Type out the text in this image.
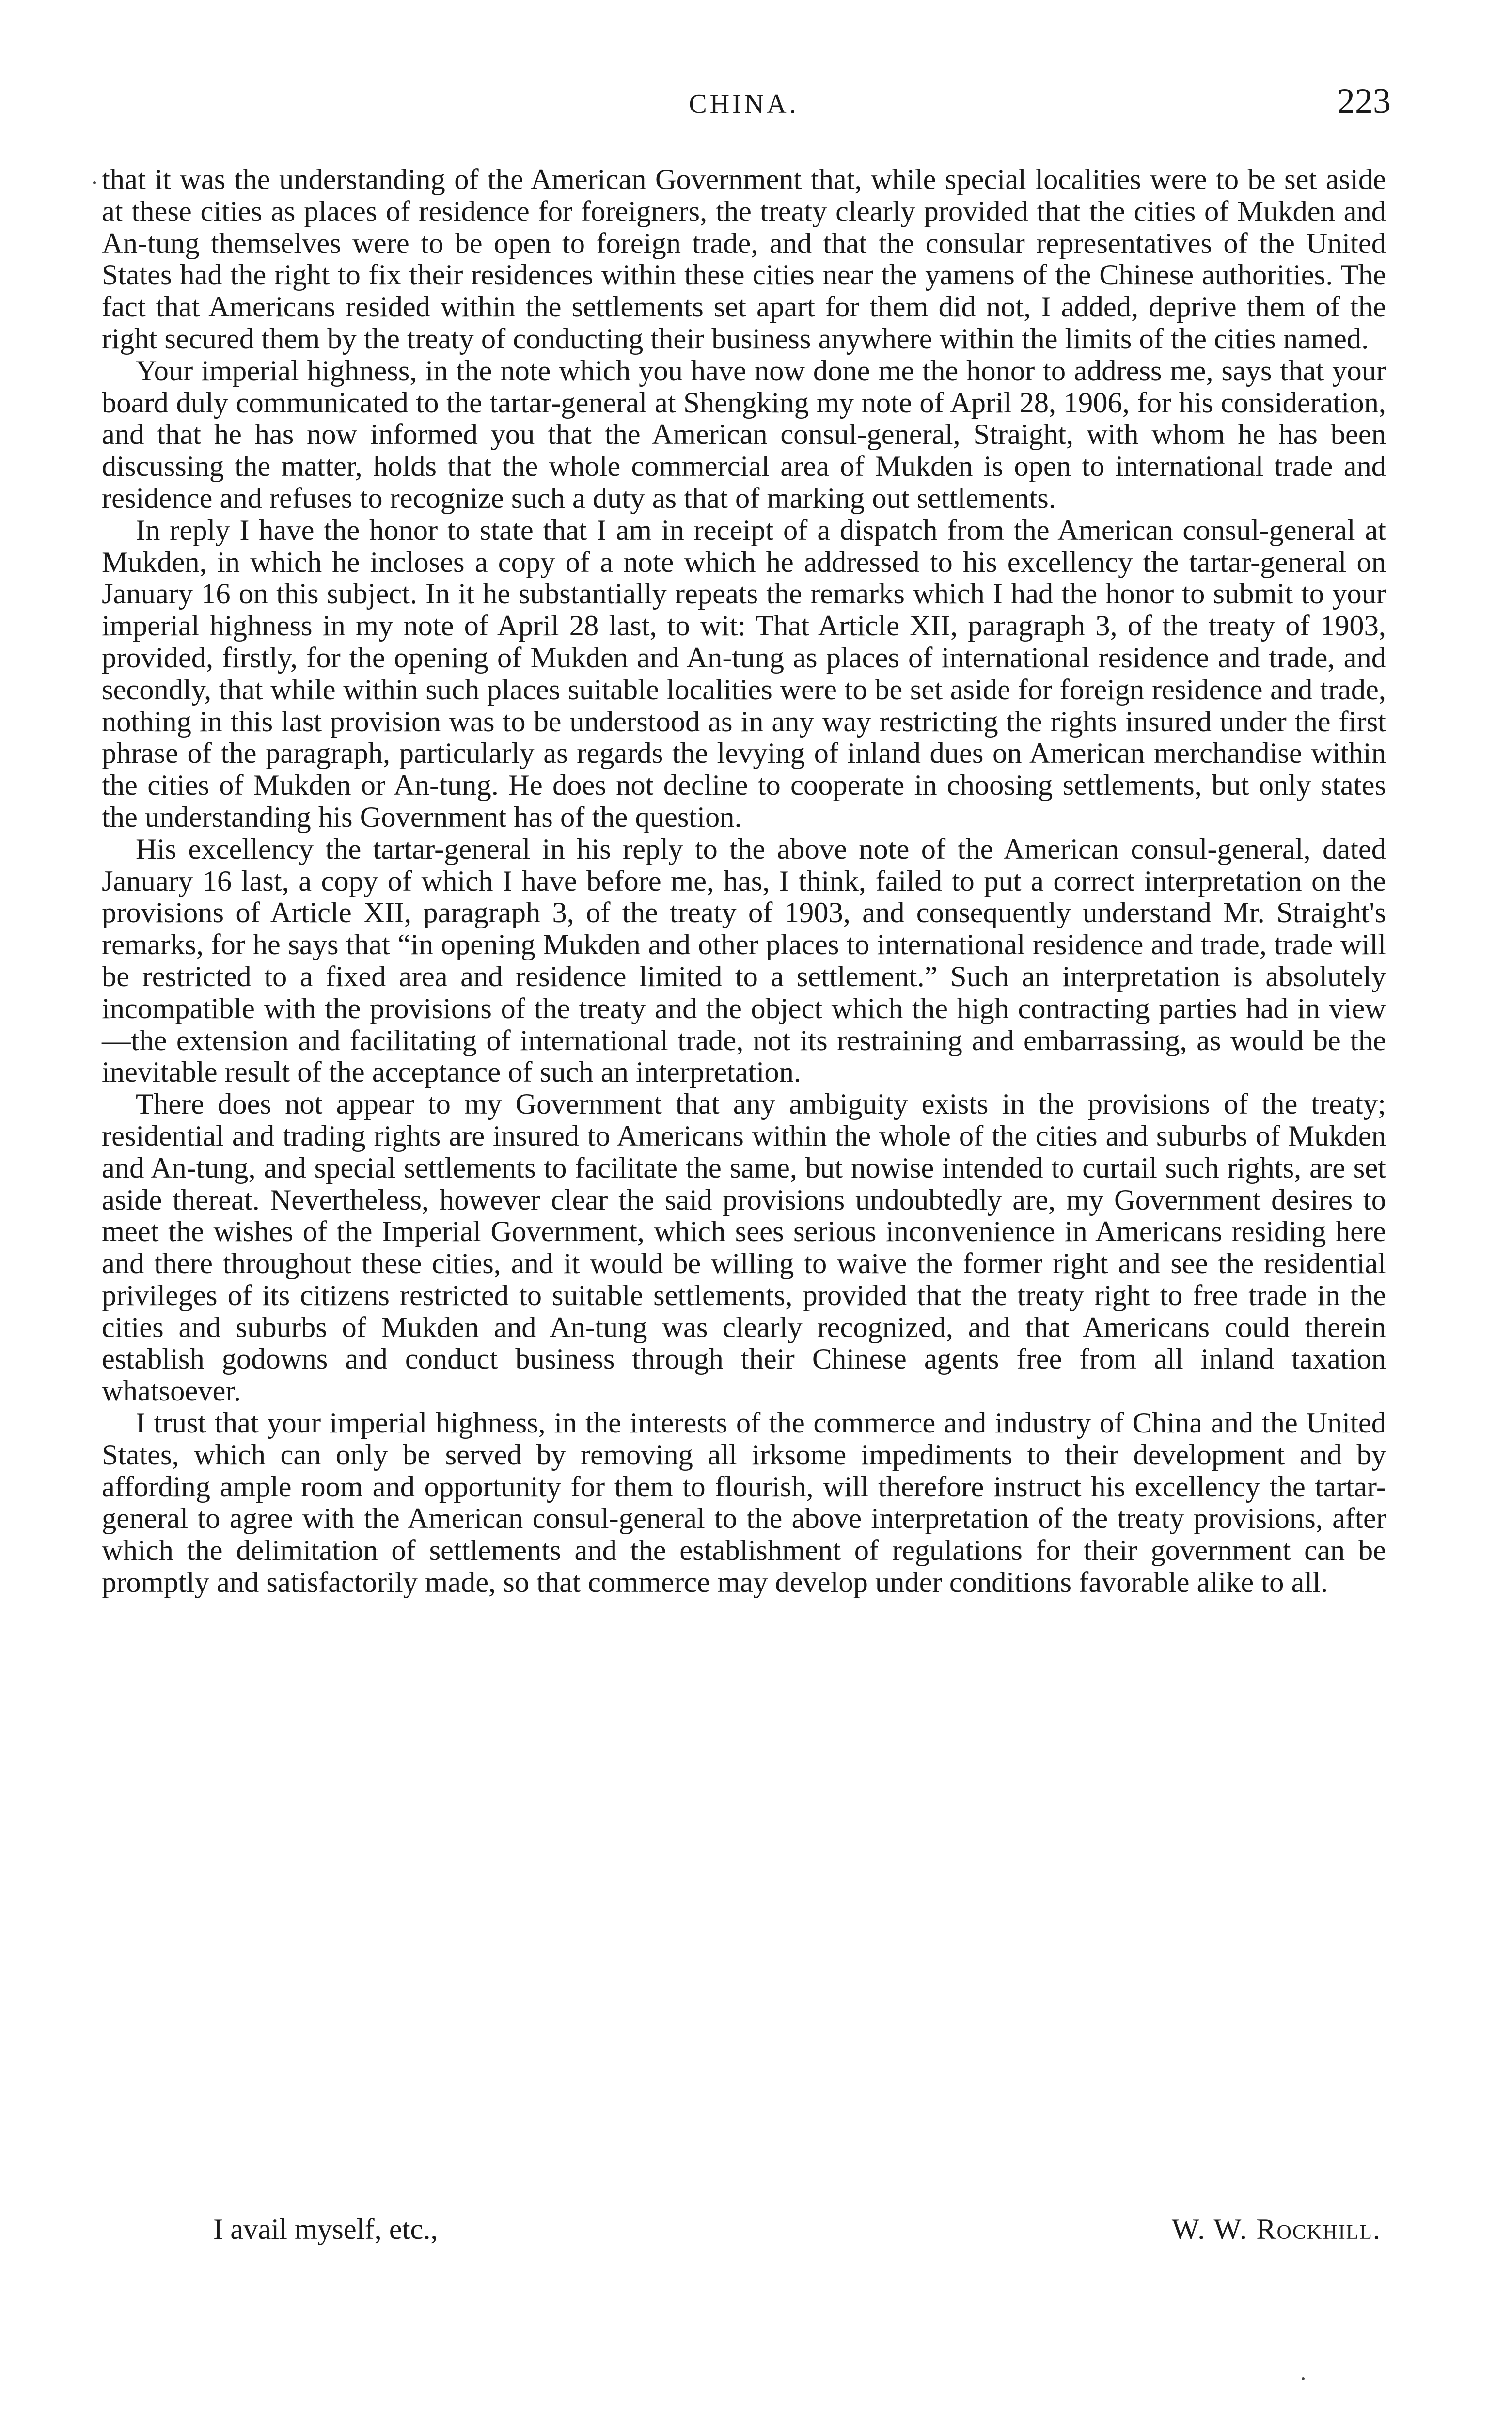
CHINA.	223

that it was the understanding of the American Government that, while special localities were to be set aside at these cities as places of residence for foreigners, the treaty clearly provided that the cities of Mukden and An-tung themselves were to be open to foreign trade, and that the consular representatives of the United States had the right to fix their residences within these cities near the yamens of the Chinese authorities. The fact that Americans resided within the settlements set apart for them did not, I added, deprive them of the right secured them by the treaty of conducting their business anywhere within the limits of the cities named.

Your imperial highness, in the note which you have now done me the honor to address me, says that your board duly communicated to the tartar-general at Shengking my note of April 28, 1906, for his consideration, and that he has now informed you that the American consul-general, Straight, with whom he has been discussing the matter, holds that the whole commercial area of Mukden is open to international trade and residence and refuses to recognize such a duty as that of marking out settlements.

In reply I have the honor to state that I am in receipt of a dispatch from the American consul-general at Mukden, in which he incloses a copy of a note which he addressed to his excellency the tartar-general on January 16 on this subject. In it he substantially repeats the remarks which I had the honor to submit to your imperial highness in my note of April 28 last, to wit: That Article XII, paragraph 3, of the treaty of 1903, provided, firstly, for the opening of Mukden and An-tung as places of international residence and trade, and secondly, that while within such places suitable localities were to be set aside for foreign residence and trade, nothing in this last provision was to be understood as in any way restricting the rights insured under the first phrase of the paragraph, particularly as regards the levying of inland dues on American merchandise within the cities of Mukden or An-tung. He does not decline to cooperate in choosing settlements, but only states the understanding his Government has of the question.

His excellency the tartar-general in his reply to the above note of the American consul-general, dated January 16 last, a copy of which I have before me, has, I think, failed to put a correct interpretation on the provisions of Article XII, paragraph 3, of the treaty of 1903, and consequently understand Mr. Straight's remarks, for he says that “in opening Mukden and other places to international residence and trade, trade will be restricted to a fixed area and residence limited to a settlement.” Such an interpretation is absolutely incompatible with the provisions of the treaty and the object which the high contracting parties had in view—the extension and facilitating of international trade, not its restraining and embarrassing, as would be the inevitable result of the acceptance of such an interpretation.

There does not appear to my Government that any ambiguity exists in the provisions of the treaty; residential and trading rights are insured to Americans within the whole of the cities and suburbs of Mukden and An-tung, and special settlements to facilitate the same, but nowise intended to curtail such rights, are set aside thereat. Nevertheless, however clear the said provisions undoubtedly are, my Government desires to meet the wishes of the Imperial Government, which sees serious inconvenience in Americans residing here and there throughout these cities, and it would be willing to waive the former right and see the residential privileges of its citizens restricted to suitable settlements, provided that the treaty right to free trade in the cities and suburbs of Mukden and An-tung was clearly recognized, and that Americans could therein establish godowns and conduct business through their Chinese agents free from all inland taxation whatsoever.

I trust that your imperial highness, in the interests of the commerce and industry of China and the United States, which can only be served by removing all irksome impediments to their development and by affording ample room and opportunity for them to flourish, will therefore instruct his excellency the tartar-general to agree with the American consul-general to the above interpretation of the treaty provisions, after which the delimitation of settlements and the establishment of regulations for their government can be promptly and satisfactorily made, so that commerce may develop under conditions favorable alike to all.

I avail myself, etc.,	W. W. Rockhill.
